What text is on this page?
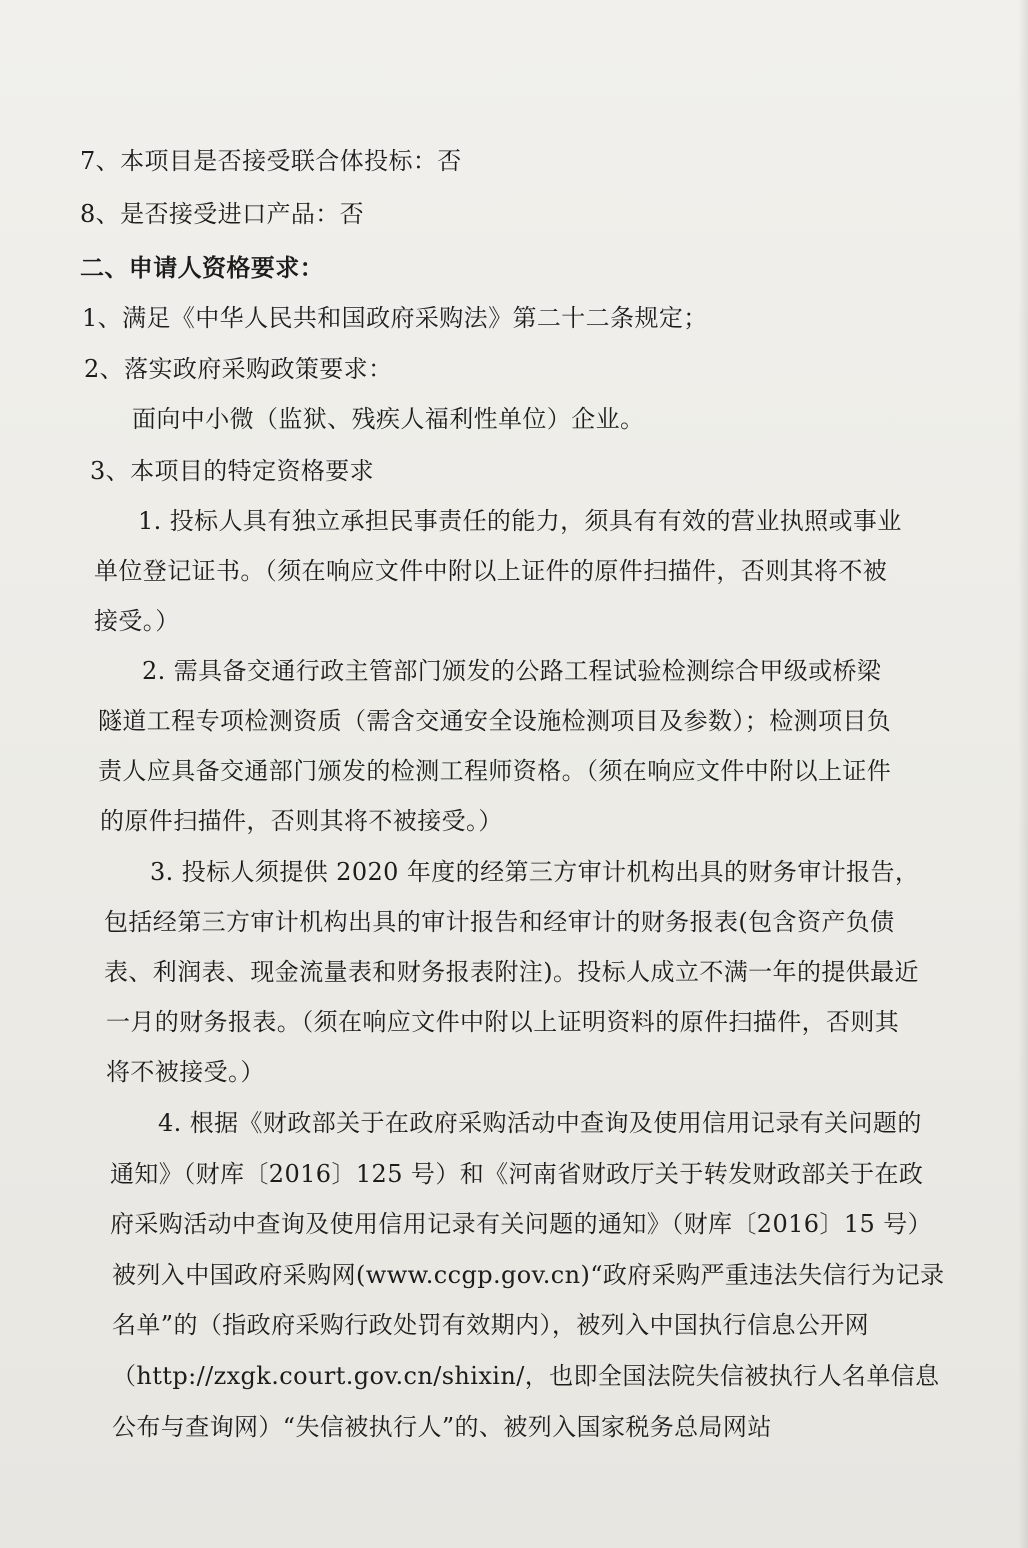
7、本项目是否接受联合体投标：否
8、是否接受进口产品：否
二、申请人资格要求：
1、满足《中华人民共和国政府采购法》第二十二条规定；
2、落实政府采购政策要求：
面向中小微（监狱、残疾人福利性单位）企业。
3、本项目的特定资格要求
1. 投标人具有独立承担民事责任的能力，须具有有效的营业执照或事业
单位登记证书。（须在响应文件中附以上证件的原件扫描件，否则其将不被
接受。）
2. 需具备交通行政主管部门颁发的公路工程试验检测综合甲级或桥梁
隧道工程专项检测资质（需含交通安全设施检测项目及参数）；检测项目负
责人应具备交通部门颁发的检测工程师资格。（须在响应文件中附以上证件
的原件扫描件，否则其将不被接受。）
3. 投标人须提供 2020 年度的经第三方审计机构出具的财务审计报告，
包括经第三方审计机构出具的审计报告和经审计的财务报表(包含资产负债
表、利润表、现金流量表和财务报表附注)。投标人成立不满一年的提供最近
一月的财务报表。（须在响应文件中附以上证明资料的原件扫描件，否则其
将不被接受。）
4. 根据《财政部关于在政府采购活动中查询及使用信用记录有关问题的
通知》（财库〔2016〕125 号）和《河南省财政厅关于转发财政部关于在政
府采购活动中查询及使用信用记录有关问题的通知》（财库〔2016〕15 号）
被列入中国政府采购网(www.ccgp.gov.cn)“政府采购严重违法失信行为记录
名单”的（指政府采购行政处罚有效期内），被列入中国执行信息公开网
（http://zxgk.court.gov.cn/shixin/，也即全国法院失信被执行人名单信息
公布与查询网）“失信被执行人”的、被列入国家税务总局网站
